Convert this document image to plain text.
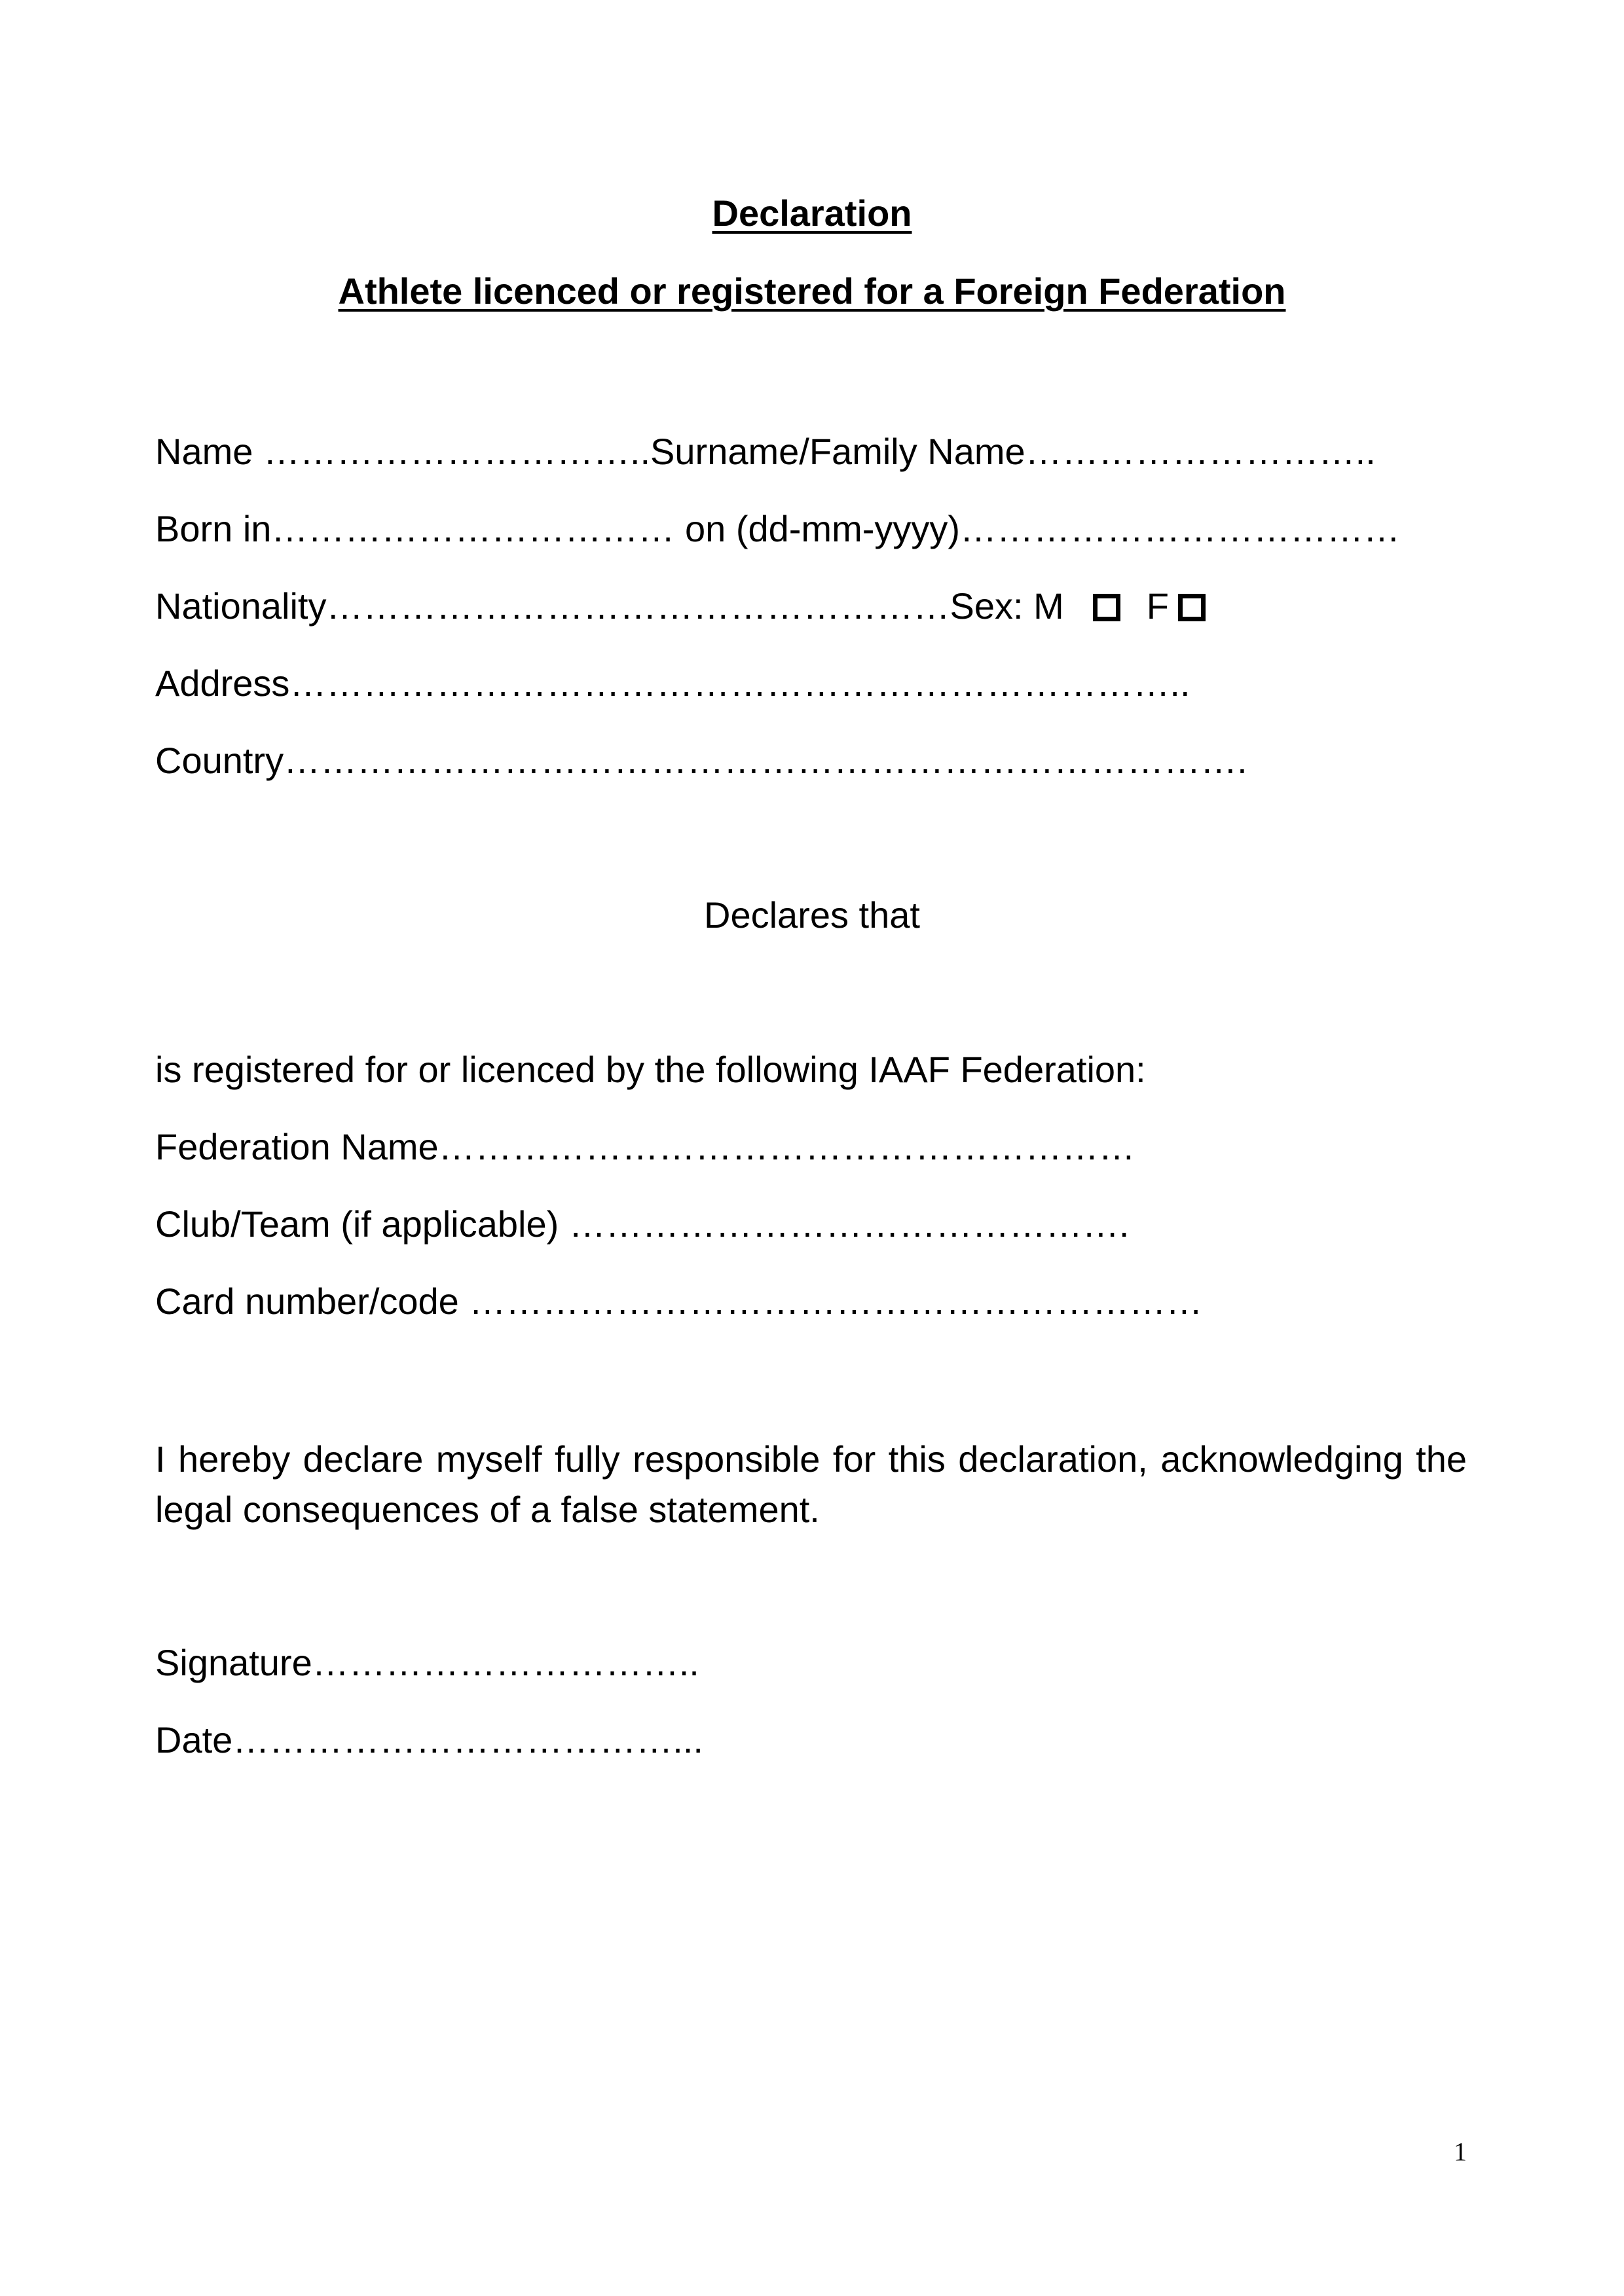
Declaration
Athlete licenced or registered for a Foreign Federation
Name …………………………..Surname/Family Name………………………..
Born in…………………………… on (dd-mm-yyyy)………………………………
Nationality……………………………………………Sex: M F
Address………………………………………………………………..
Country…………………………………………………………………….
Declares that
is registered for or licenced by the following IAAF Federation:
Federation Name…………………………………………………
Club/Team (if applicable) ……………………………………….
Card number/code ……………………………………………………
I hereby declare myself fully responsible for this declaration, acknowledging the legal consequences of a false statement.
Signature…………………………..
Date………………………………...
1
